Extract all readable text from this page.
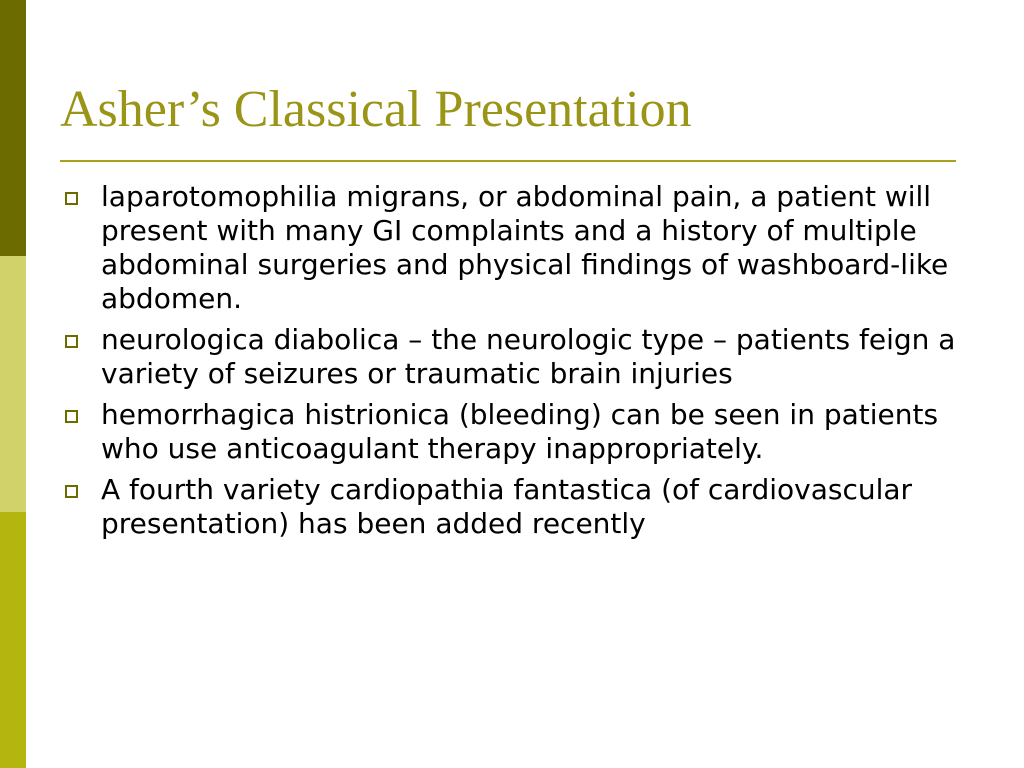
Asher’s Classical Presentation
laparotomophilia migrans, or abdominal pain, a patient will present with many GI complaints and a history of multiple abdominal surgeries and physical findings of washboard-like abdomen.
neurologica diabolica – the neurologic type – patients feign a variety of seizures or traumatic brain injuries
hemorrhagica histrionica (bleeding) can be seen in patients who use anticoagulant therapy inappropriately.
A fourth variety cardiopathia fantastica (of cardiovascular presentation) has been added recently
